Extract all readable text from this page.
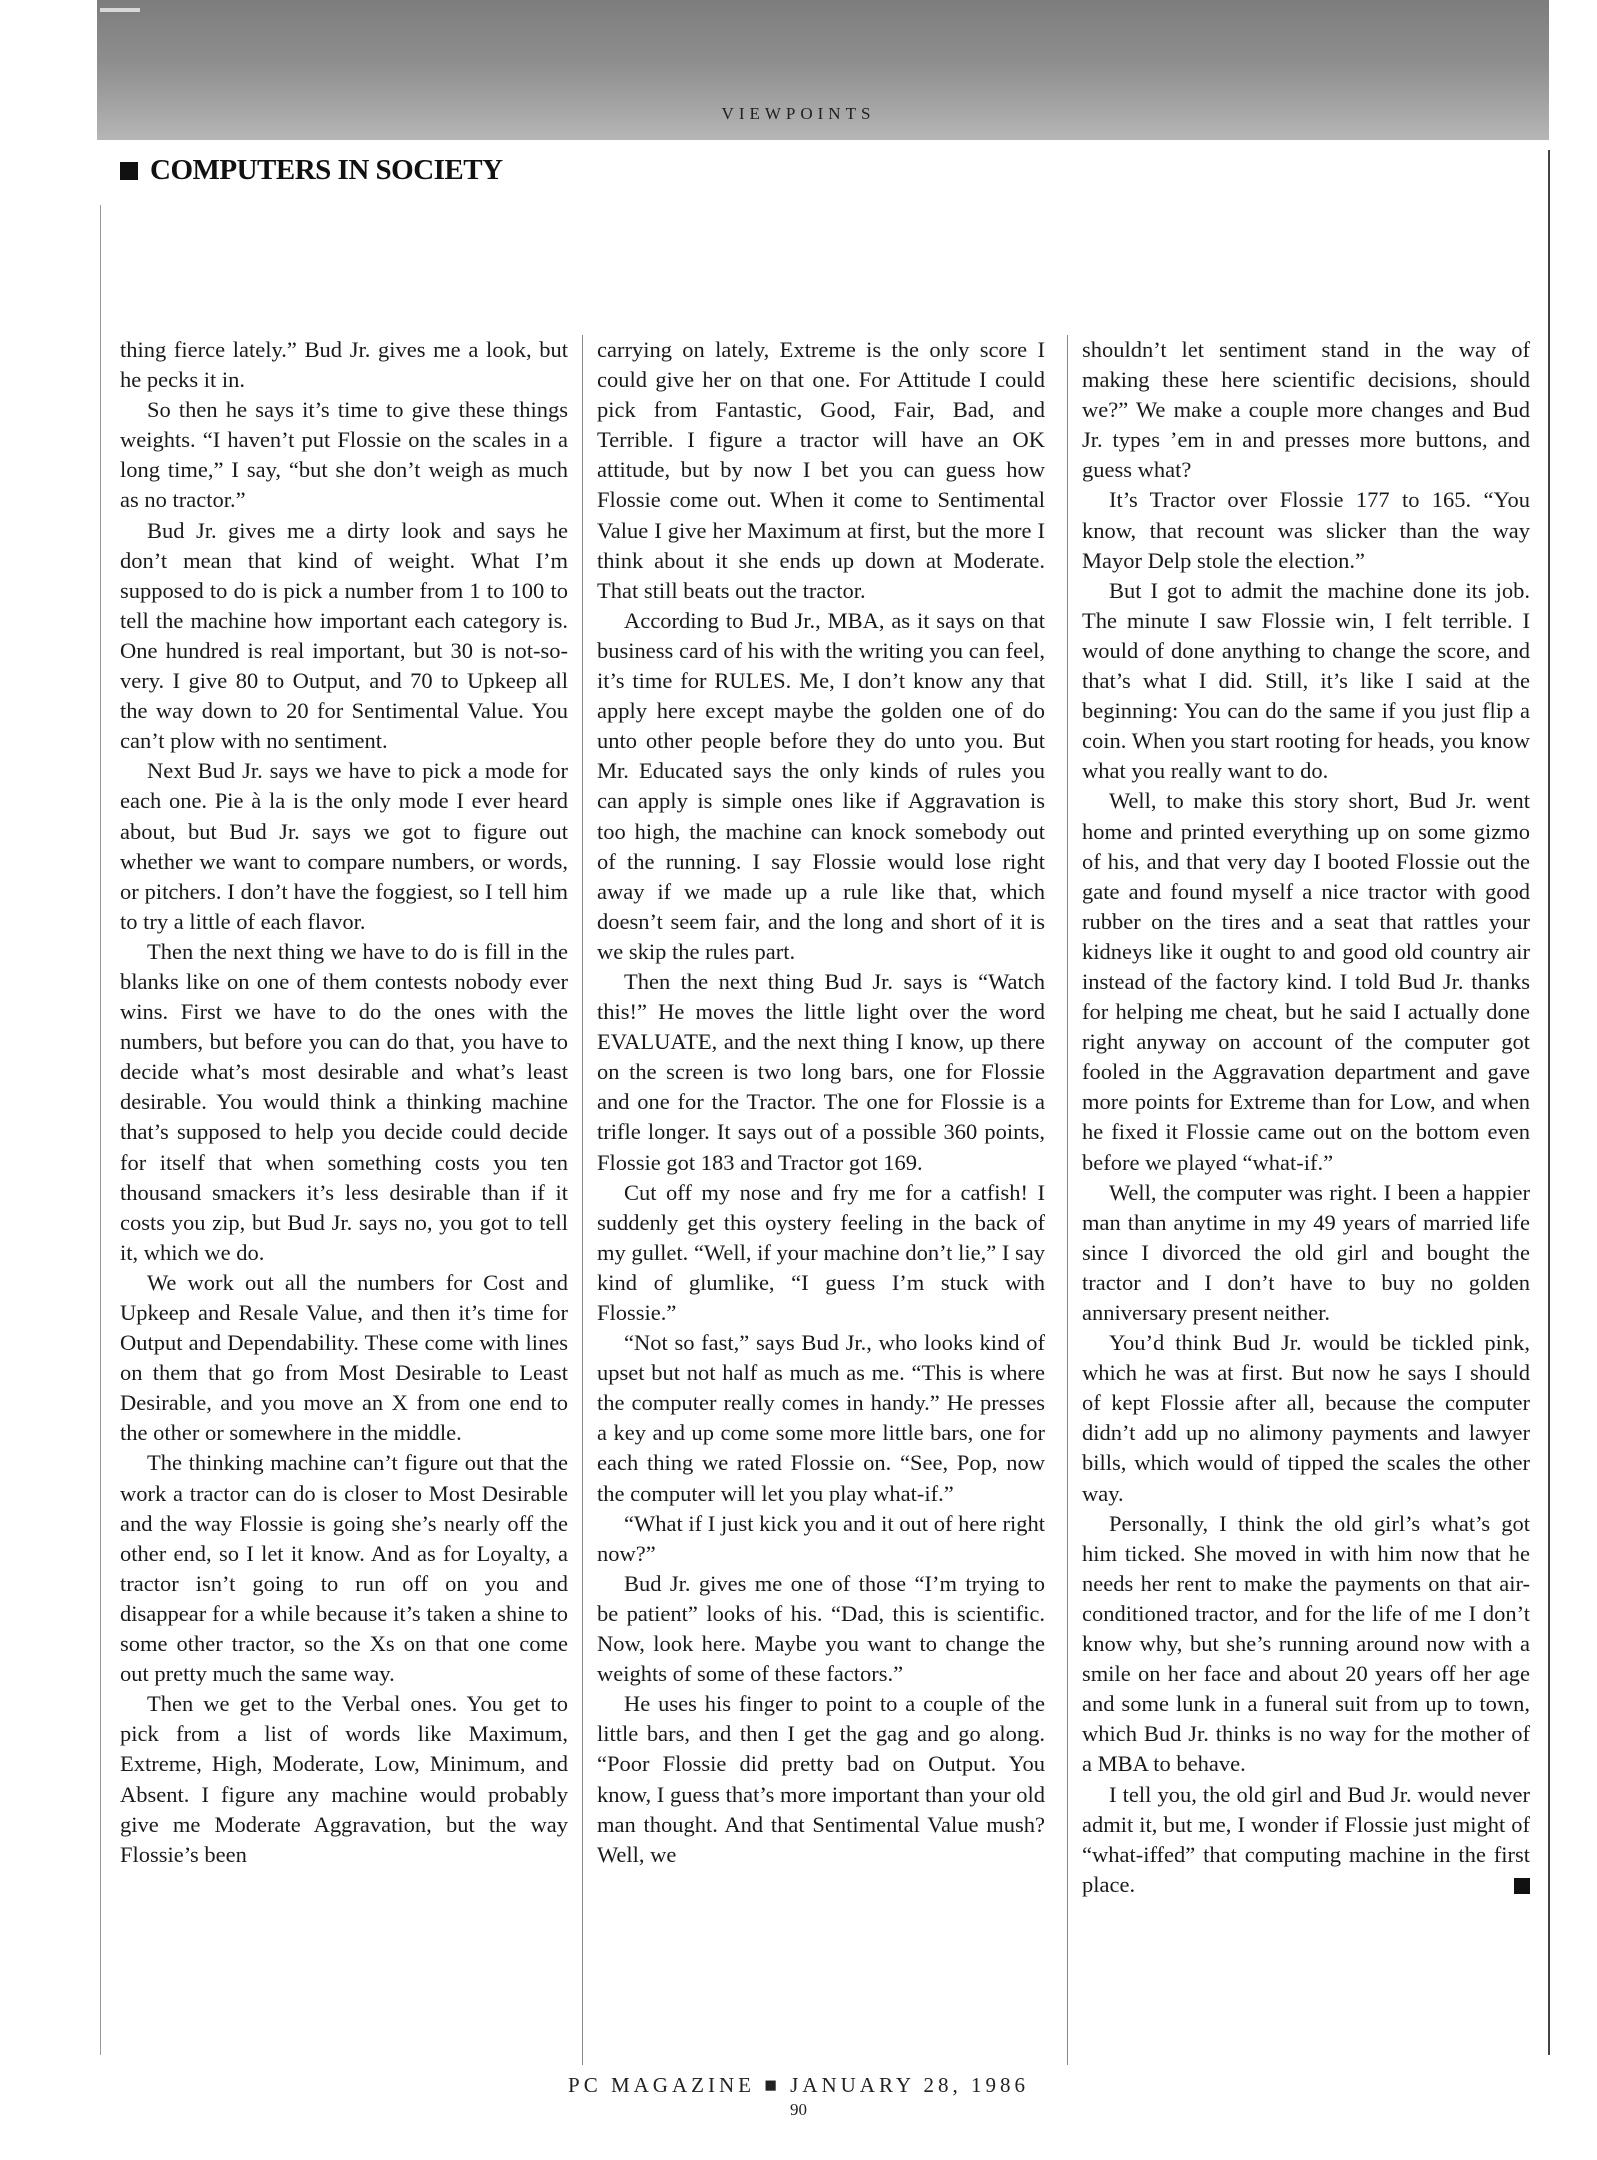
VIEWPOINTS
COMPUTERS IN SOCIETY

thing fierce lately.” Bud Jr. gives me a look, but he pecks it in.

So then he says it’s time to give these things weights. “I haven’t put Flossie on the scales in a long time,” I say, “but she don’t weigh as much as no tractor.”

Bud Jr. gives me a dirty look and says he don’t mean that kind of weight. What I’m supposed to do is pick a number from 1 to 100 to tell the machine how important each category is. One hundred is real important, but 30 is not-so-very. I give 80 to Output, and 70 to Upkeep all the way down to 20 for Sentimental Value. You can’t plow with no sentiment.

Next Bud Jr. says we have to pick a mode for each one. Pie à la is the only mode I ever heard about, but Bud Jr. says we got to figure out whether we want to compare numbers, or words, or pitchers. I don’t have the foggiest, so I tell him to try a little of each flavor.

Then the next thing we have to do is fill in the blanks like on one of them contests nobody ever wins. First we have to do the ones with the numbers, but before you can do that, you have to decide what’s most desirable and what’s least desirable. You would think a thinking machine that’s supposed to help you decide could decide for itself that when something costs you ten thousand smackers it’s less desirable than if it costs you zip, but Bud Jr. says no, you got to tell it, which we do.

We work out all the numbers for Cost and Upkeep and Resale Value, and then it’s time for Output and Dependability. These come with lines on them that go from Most Desirable to Least Desirable, and you move an X from one end to the other or somewhere in the middle.

The thinking machine can’t figure out that the work a tractor can do is closer to Most Desirable and the way Flossie is going she’s nearly off the other end, so I let it know. And as for Loyalty, a tractor isn’t going to run off on you and disappear for a while because it’s taken a shine to some other tractor, so the Xs on that one come out pretty much the same way.

Then we get to the Verbal ones. You get to pick from a list of words like Maximum, Extreme, High, Moderate, Low, Minimum, and Absent. I figure any machine would probably give me Moderate Aggravation, but the way Flossie’s been

carrying on lately, Extreme is the only score I could give her on that one. For Attitude I could pick from Fantastic, Good, Fair, Bad, and Terrible. I figure a tractor will have an OK attitude, but by now I bet you can guess how Flossie come out. When it come to Sentimental Value I give her Maximum at first, but the more I think about it she ends up down at Moderate. That still beats out the tractor.

According to Bud Jr., MBA, as it says on that business card of his with the writing you can feel, it’s time for RULES. Me, I don’t know any that apply here except maybe the golden one of do unto other people before they do unto you. But Mr. Educated says the only kinds of rules you can apply is simple ones like if Aggravation is too high, the machine can knock somebody out of the running. I say Flossie would lose right away if we made up a rule like that, which doesn’t seem fair, and the long and short of it is we skip the rules part.

Then the next thing Bud Jr. says is “Watch this!” He moves the little light over the word EVALUATE, and the next thing I know, up there on the screen is two long bars, one for Flossie and one for the Tractor. The one for Flossie is a trifle longer. It says out of a possible 360 points, Flossie got 183 and Tractor got 169.

Cut off my nose and fry me for a catfish! I suddenly get this oystery feeling in the back of my gullet. “Well, if your machine don’t lie,” I say kind of glumlike, “I guess I’m stuck with Flossie.”

“Not so fast,” says Bud Jr., who looks kind of upset but not half as much as me. “This is where the computer really comes in handy.” He presses a key and up come some more little bars, one for each thing we rated Flossie on. “See, Pop, now the computer will let you play what-if.”

“What if I just kick you and it out of here right now?”

Bud Jr. gives me one of those “I’m trying to be patient” looks of his. “Dad, this is scientific. Now, look here. Maybe you want to change the weights of some of these factors.”

He uses his finger to point to a couple of the little bars, and then I get the gag and go along. “Poor Flossie did pretty bad on Output. You know, I guess that’s more important than your old man thought. And that Sentimental Value mush? Well, we

shouldn’t let sentiment stand in the way of making these here scientific decisions, should we?” We make a couple more changes and Bud Jr. types ’em in and presses more buttons, and guess what?

It’s Tractor over Flossie 177 to 165. “You know, that recount was slicker than the way Mayor Delp stole the election.”

But I got to admit the machine done its job. The minute I saw Flossie win, I felt terrible. I would of done anything to change the score, and that’s what I did. Still, it’s like I said at the beginning: You can do the same if you just flip a coin. When you start rooting for heads, you know what you really want to do.

Well, to make this story short, Bud Jr. went home and printed everything up on some gizmo of his, and that very day I booted Flossie out the gate and found myself a nice tractor with good rubber on the tires and a seat that rattles your kidneys like it ought to and good old country air instead of the factory kind. I told Bud Jr. thanks for helping me cheat, but he said I actually done right anyway on account of the computer got fooled in the Aggravation department and gave more points for Extreme than for Low, and when he fixed it Flossie came out on the bottom even before we played “what-if.”

Well, the computer was right. I been a happier man than anytime in my 49 years of married life since I divorced the old girl and bought the tractor and I don’t have to buy no golden anniversary present neither.

You’d think Bud Jr. would be tickled pink, which he was at first. But now he says I should of kept Flossie after all, because the computer didn’t add up no alimony payments and lawyer bills, which would of tipped the scales the other way.

Personally, I think the old girl’s what’s got him ticked. She moved in with him now that he needs her rent to make the payments on that air-conditioned tractor, and for the life of me I don’t know why, but she’s running around now with a smile on her face and about 20 years off her age and some lunk in a funeral suit from up to town, which Bud Jr. thinks is no way for the mother of a MBA to behave.

I tell you, the old girl and Bud Jr. would never admit it, but me, I wonder if Flossie just might of “what-iffed” that computing machine in the first place.

PC MAGAZINE ■ JANUARY 28, 1986
90
